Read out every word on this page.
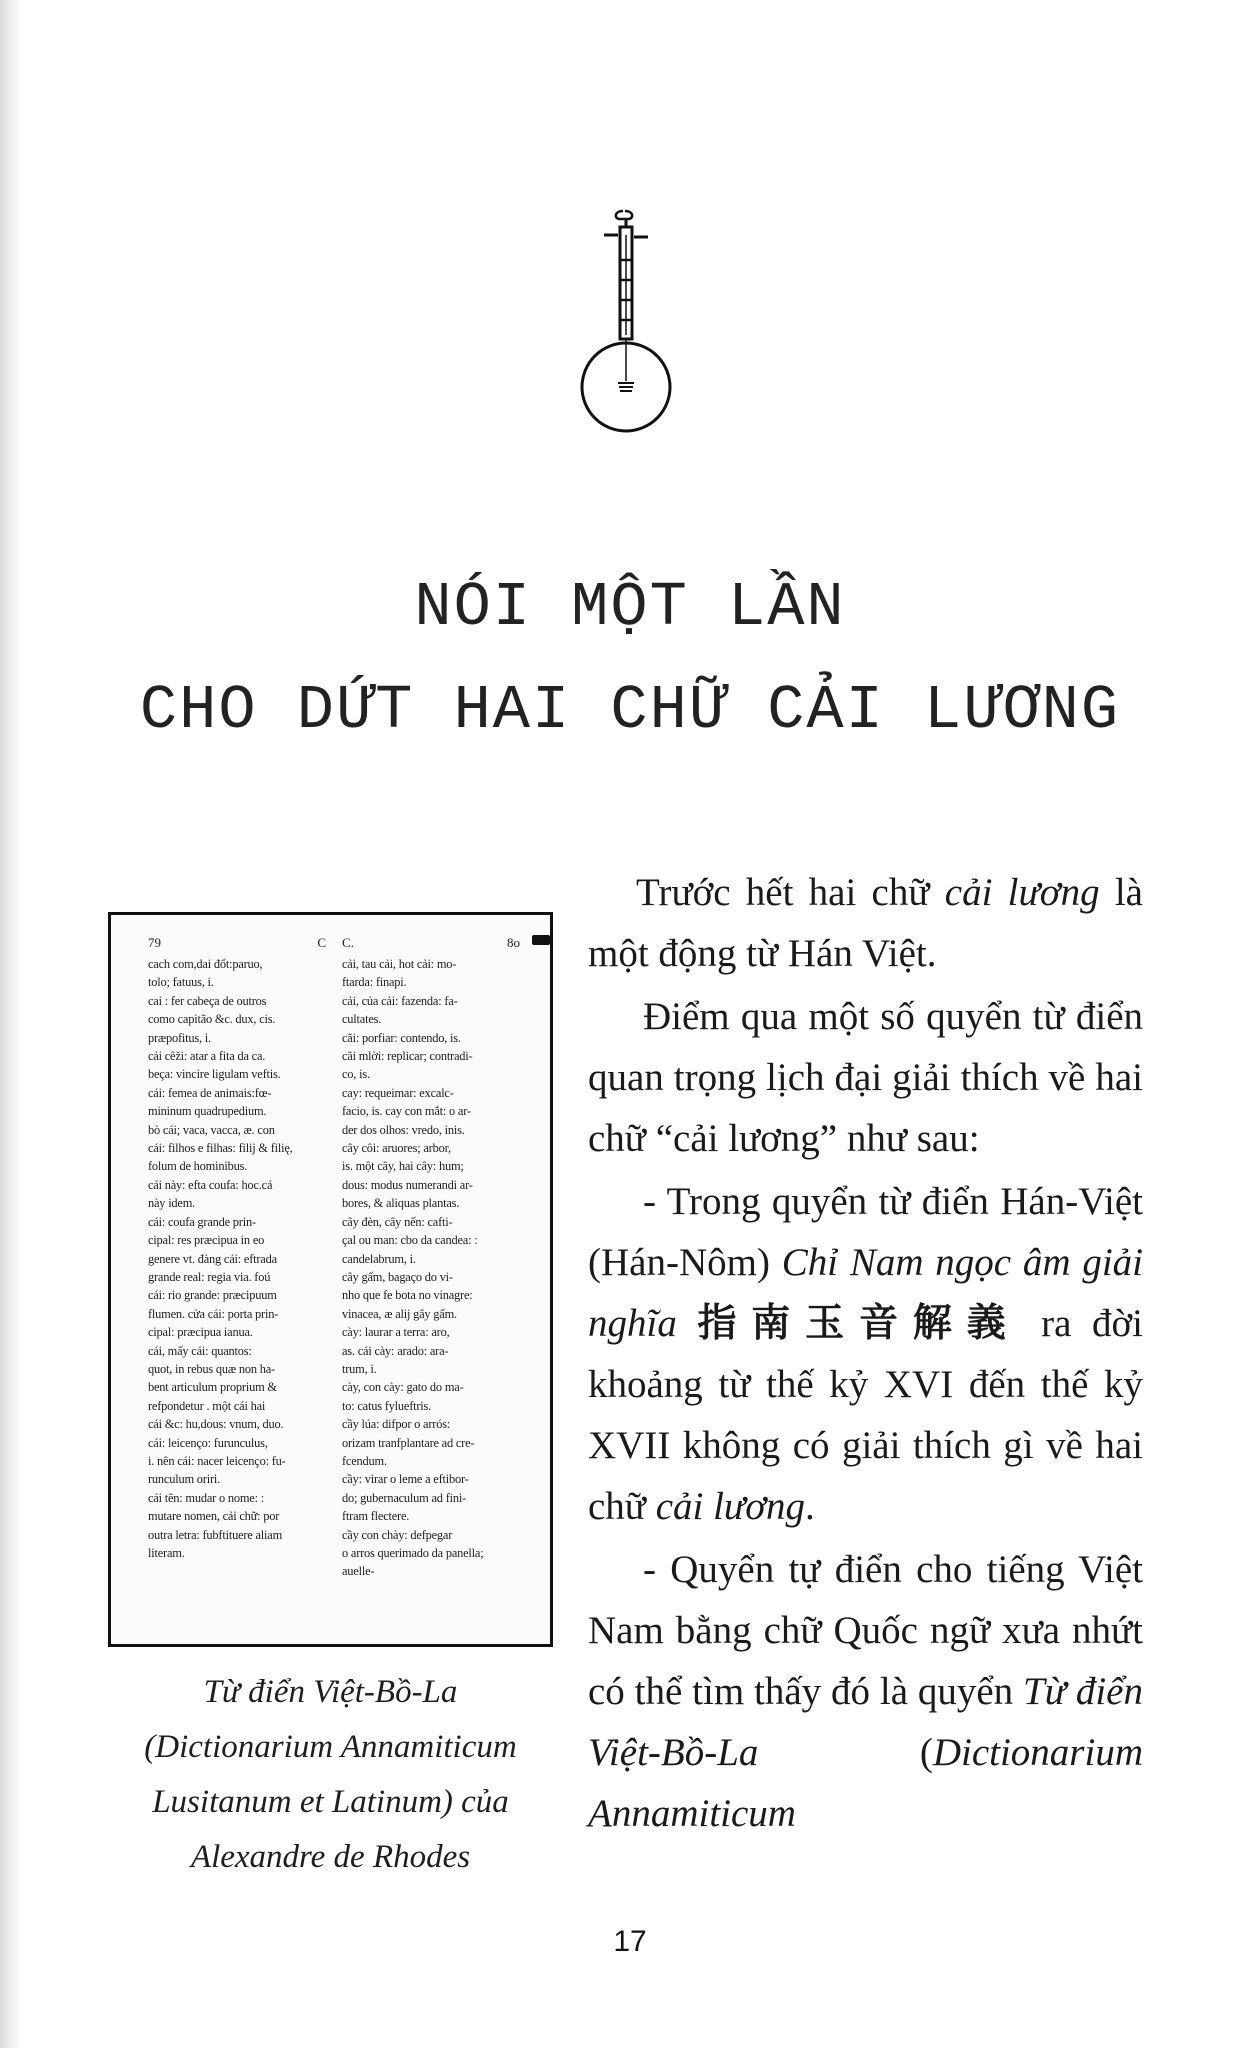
NÓI MỘT LẦN
CHO DỨT HAI CHỮ CẢI LƯƠNG
79	C
cach com,dai đốt:paruo,
tolo; fatuus, i.
cai : fer cabeça de outros
como capitão &c. dux, cis.
præpofitus, i.
cải cêži: atar a fita da ca.
beça: vincire ligulam veftis.
cái: femea de animais:fœ-
mininum quadrupedium.
bò cái; vaca, vacca, æ. con
cái: filhos e filhas: filij & filię,
folum de hominibus.
cái này: efta coufa: hoc.cá
này idem.
cái: coufa grande prin-
cipal: res præcipua in eo
genere vt. đàng cái: eftrada
grande real: regia via. foú
cái: rio grande: præcipuum
flumen. cửa cái: porta prin-
cipal: præcipua ianua.
cái, mấy cái: quantos:
quot, in rebus quæ non ha-
bent articulum proprium &
refpondetur . một cái hai
cái &c: hu,dous: vnum, duo.
cái: leicenço: furunculus,
i. nên cái: nacer leicenço: fu-
runculum oriri.
cái tên: mudar o nome: :
mutare nomen, cải chữ: por
outra letra: fubftituere aliam
literam.
C.	8o
cải, tau cải, hot cải: mo-
ftarda: finapi.
cải, của cải: fazenda: fa-
cultates.
cãi: porfiar: contendo, is.
cãi mlời: replicar; contradi-
co, is.
cay: requeimar: excalc-
facio, is. cay con mắt: o ar-
der dos olhos: vredo, inis.
cây côi: aruores; arbor,
is. một cây, hai cây: hum;
dous: modus numerandi ar-
bores, & aliquas plantas.
cây đèn, cây nến: cafti-
çal ou man: cbo da candea: :
candelabrum, i.
cây gấm, bagaço do vi-
nho que fe bota no vinagre:
vinacea, æ alij gây gấm.
cày: laurar a terra: aro,
as. cái cày: arado: ara-
trum, i.
cày, con cày: gato do ma-
to: catus fylueftris.
cầy lúa: difpor o arrós:
orizam tranfplantare ad cre-
fcendum.
cầy: virar o leme a eftibor-
do; gubernaculum ad fini-
ftram flectere.
cầy con chày: defpegar
o arros querimado da panella;
auelle-
Từ điển Việt-Bồ-La
(Dictionarium Annamiticum
Lusitanum et Latinum) của
Alexandre de Rhodes

Trước hết hai chữ cải lương là một động từ Hán Việt.

Điểm qua một số quyển từ điển quan trọng lịch đại giải thích về hai chữ “cải lương” như sau:

- Trong quyển từ điển Hán-Việt (Hán-Nôm) Chỉ Nam ngọc âm giải nghĩa 指南玉音解義 ra đời khoảng từ thế kỷ XVI đến thế kỷ XVII không có giải thích gì về hai chữ cải lương.

- Quyển tự điển cho tiếng Việt Nam bằng chữ Quốc ngữ xưa nhứt có thể tìm thấy đó là quyển Từ điển Việt-Bồ-La (Dictionarium Annamiticum

17
